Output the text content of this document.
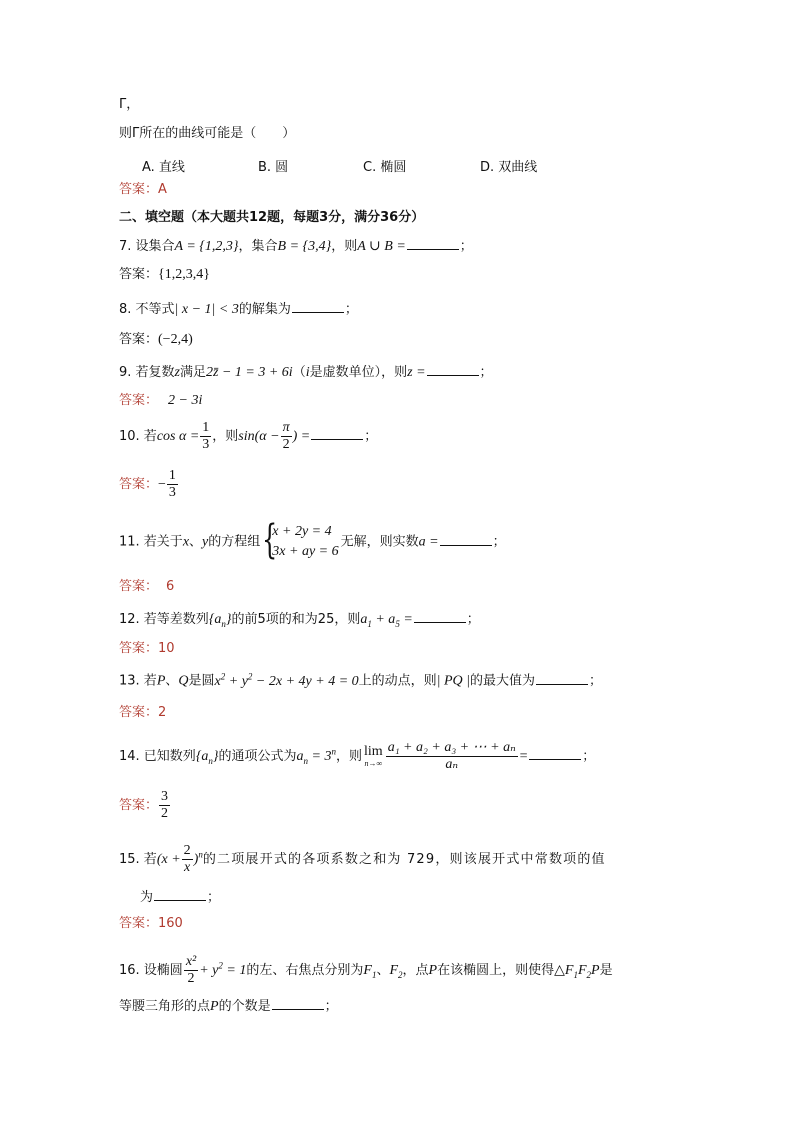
Γ，
则Γ所在的曲线可能是（　　）
A. 直线	B. 圆	C. 椭圆	D. 双曲线
答案：A
二、填空题（本大题共12题，每题3分，满分36分）
7. 设集合A = {1,2,3}，集合B = {3,4}，则A ∪ B =	；
答案：{1,2,3,4}
8. 不等式| x − 1| < 3的解集为	；
答案：(−2,4)
9. 若复数z满足2z̄ − 1 = 3 + 6i（i是虚数单位），则z =	；
答案： 2 − 3i
10. 若$\cos \alpha = \frac{1}{3}$ ，则$\sin(\alpha - \frac{\pi}{2}$ ) =	；
答案：− $\frac{1}{3}$
11. 若关于x、y的方程组 {
x + 2y = 4
3x + ay = 6
无解，则实数a =	；
答案： 6
12. 若等差数列$\{a_n\}$的前5项的和为25，则$a_1 + a_5$ =	；
答案：10
13. 若P、Q是圆$x^2 + y^2 - 2x + 4y + 4 = 0$上的动点，则| PQ |的最大值为	；
答案：2
14. 已知数列$\{a_n\}$的通项公式为$a_n = 3^n$，则 lim
$n\to\infty \frac{\text{a₁ + a₂ + a₃ + ⋯ + aₙ}}{\text{aₙ}}$ =	；
答案： $\frac{3}{2}$
15. 若$(x + \frac{2}{x} )^n$的二项展开式的各项系数之和为 729，则该展开式中常数项的值
为	；
答案：160
16. 设椭圆 $\frac{\text{x²}}{2} + y^2 = 1$的左、右焦点分别为$F_1$、$F_2$，点P在该椭圆上，则使得$\triangle F_1F_2P$是
等腰三角形的点P的个数是	；
